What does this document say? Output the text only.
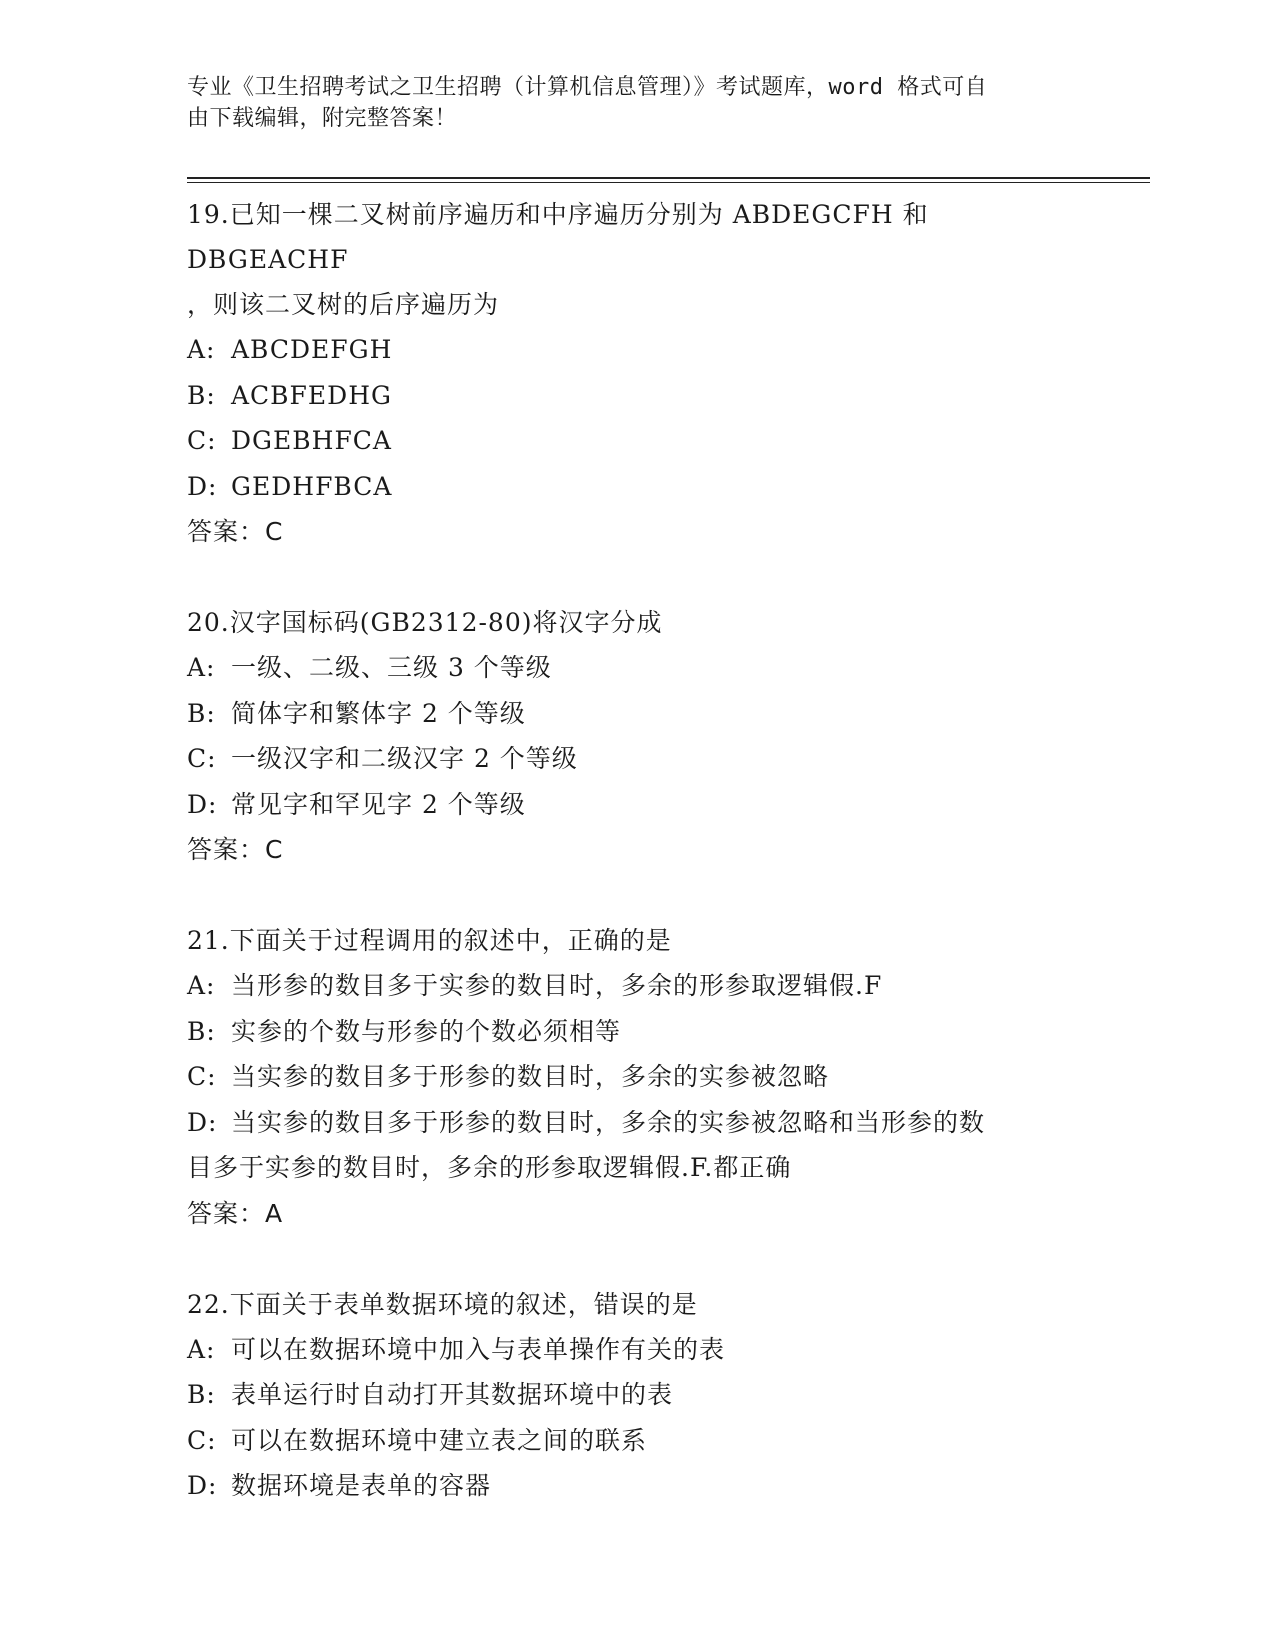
专业《卫生招聘考试之卫生招聘（计算机信息管理）》考试题库，word 格式可自

由下载编辑，附完整答案！

19.已知一棵二叉树前序遍历和中序遍历分别为 ABDEGCFH 和 DBGEACHF

，则该二叉树的后序遍历为

A: ABCDEFGH

B: ACBFEDHG

C: DGEBHFCA

D: GEDHFBCA

答案：C

20.汉字国标码(GB2312-80)将汉字分成

A: 一级、二级、三级 3 个等级

B: 简体字和繁体字 2 个等级

C: 一级汉字和二级汉字 2 个等级

D: 常见字和罕见字 2 个等级

答案：C

21.下面关于过程调用的叙述中，正确的是

A: 当形参的数目多于实参的数目时，多余的形参取逻辑假.F

B: 实参的个数与形参的个数必须相等

C: 当实参的数目多于形参的数目时，多余的实参被忽略

D: 当实参的数目多于形参的数目时，多余的实参被忽略和当形参的数

目多于实参的数目时，多余的形参取逻辑假.F.都正确

答案：A

22.下面关于表单数据环境的叙述，错误的是

A: 可以在数据环境中加入与表单操作有关的表

B: 表单运行时自动打开其数据环境中的表

C: 可以在数据环境中建立表之间的联系

D: 数据环境是表单的容器
